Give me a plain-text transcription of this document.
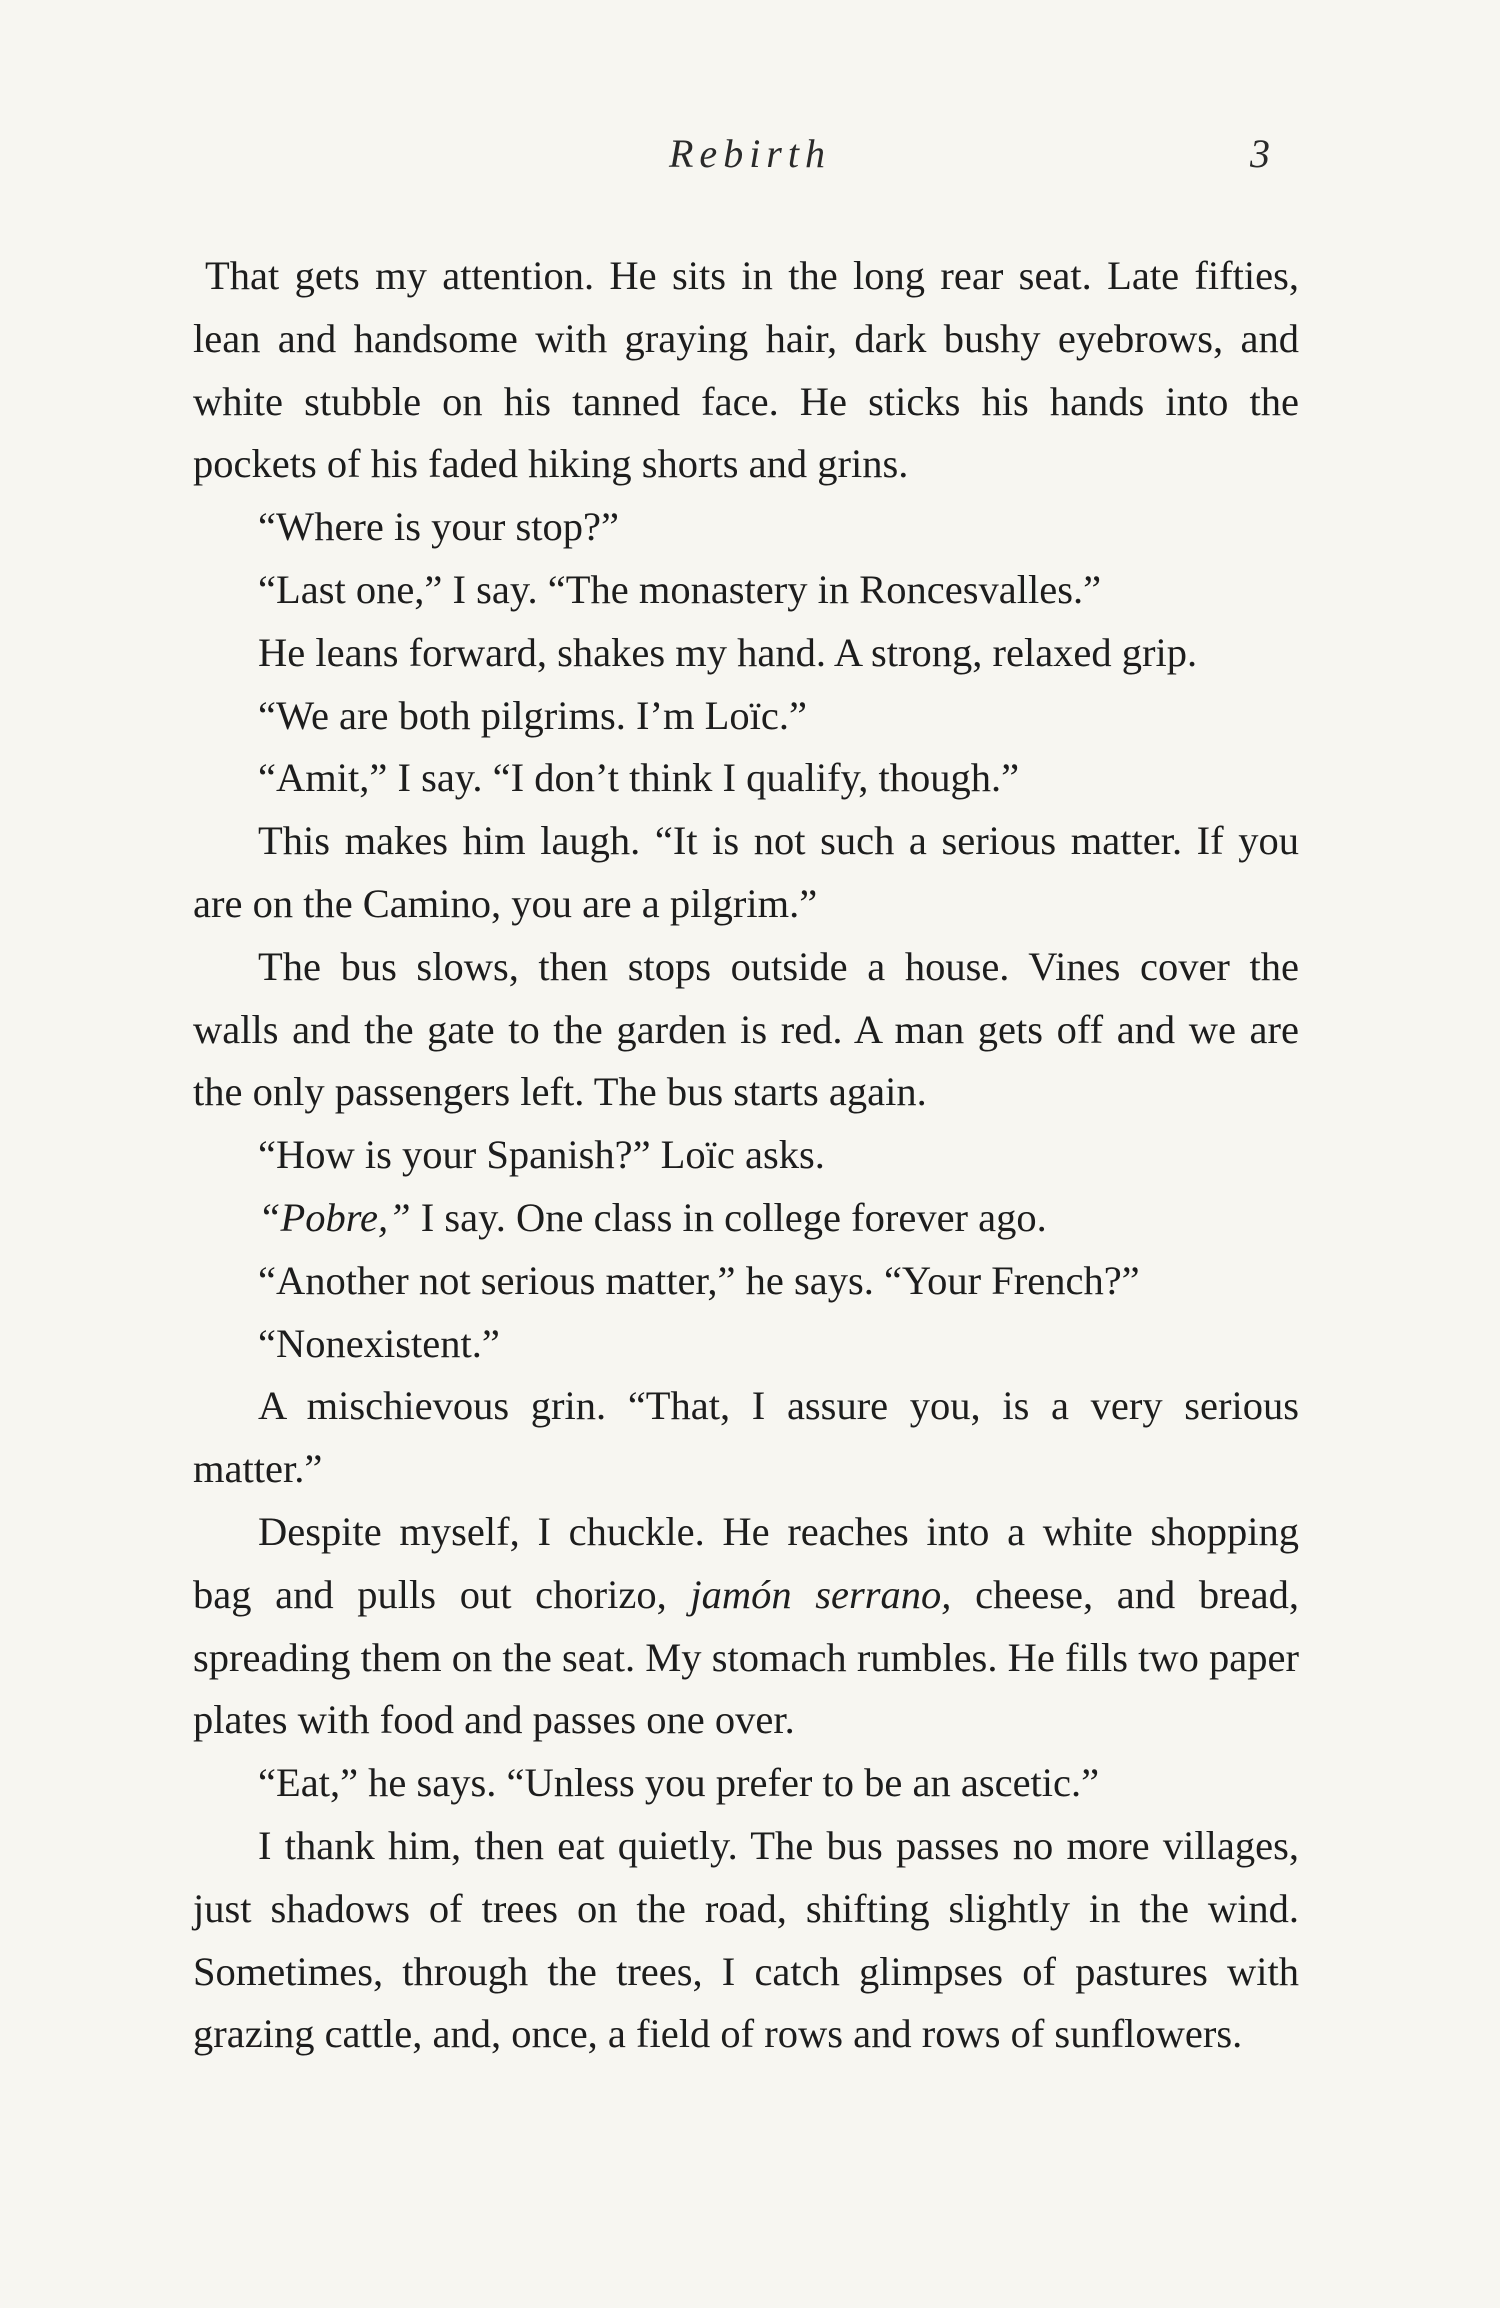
Rebirth	3

That gets my attention. He sits in the long rear seat. Late fifties, lean and handsome with graying hair, dark bushy eyebrows, and white stubble on his tanned face. He sticks his hands into the pockets of his faded hiking shorts and grins.

“Where is your stop?”

“Last one,” I say. “The monastery in Roncesvalles.”

He leans forward, shakes my hand. A strong, relaxed grip.

“We are both pilgrims. I’m Loïc.”

“Amit,” I say. “I don’t think I qualify, though.”

This makes him laugh. “It is not such a serious matter. If you are on the Camino, you are a pilgrim.”

The bus slows, then stops outside a house. Vines cover the walls and the gate to the garden is red. A man gets off and we are the only passengers left. The bus starts again.

“How is your Spanish?” Loïc asks.

“Pobre,” I say. One class in college forever ago.

“Another not serious matter,” he says. “Your French?”

“Nonexistent.”

A mischievous grin. “That, I assure you, is a very serious matter.”

Despite myself, I chuckle. He reaches into a white shopping bag and pulls out chorizo, jamón serrano, cheese, and bread, spreading them on the seat. My stomach rumbles. He fills two paper plates with food and passes one over.

“Eat,” he says. “Unless you prefer to be an ascetic.”

I thank him, then eat quietly. The bus passes no more villages, just shadows of trees on the road, shifting slightly in the wind. Sometimes, through the trees, I catch glimpses of pastures with grazing cattle, and, once, a field of rows and rows of sunflowers.
